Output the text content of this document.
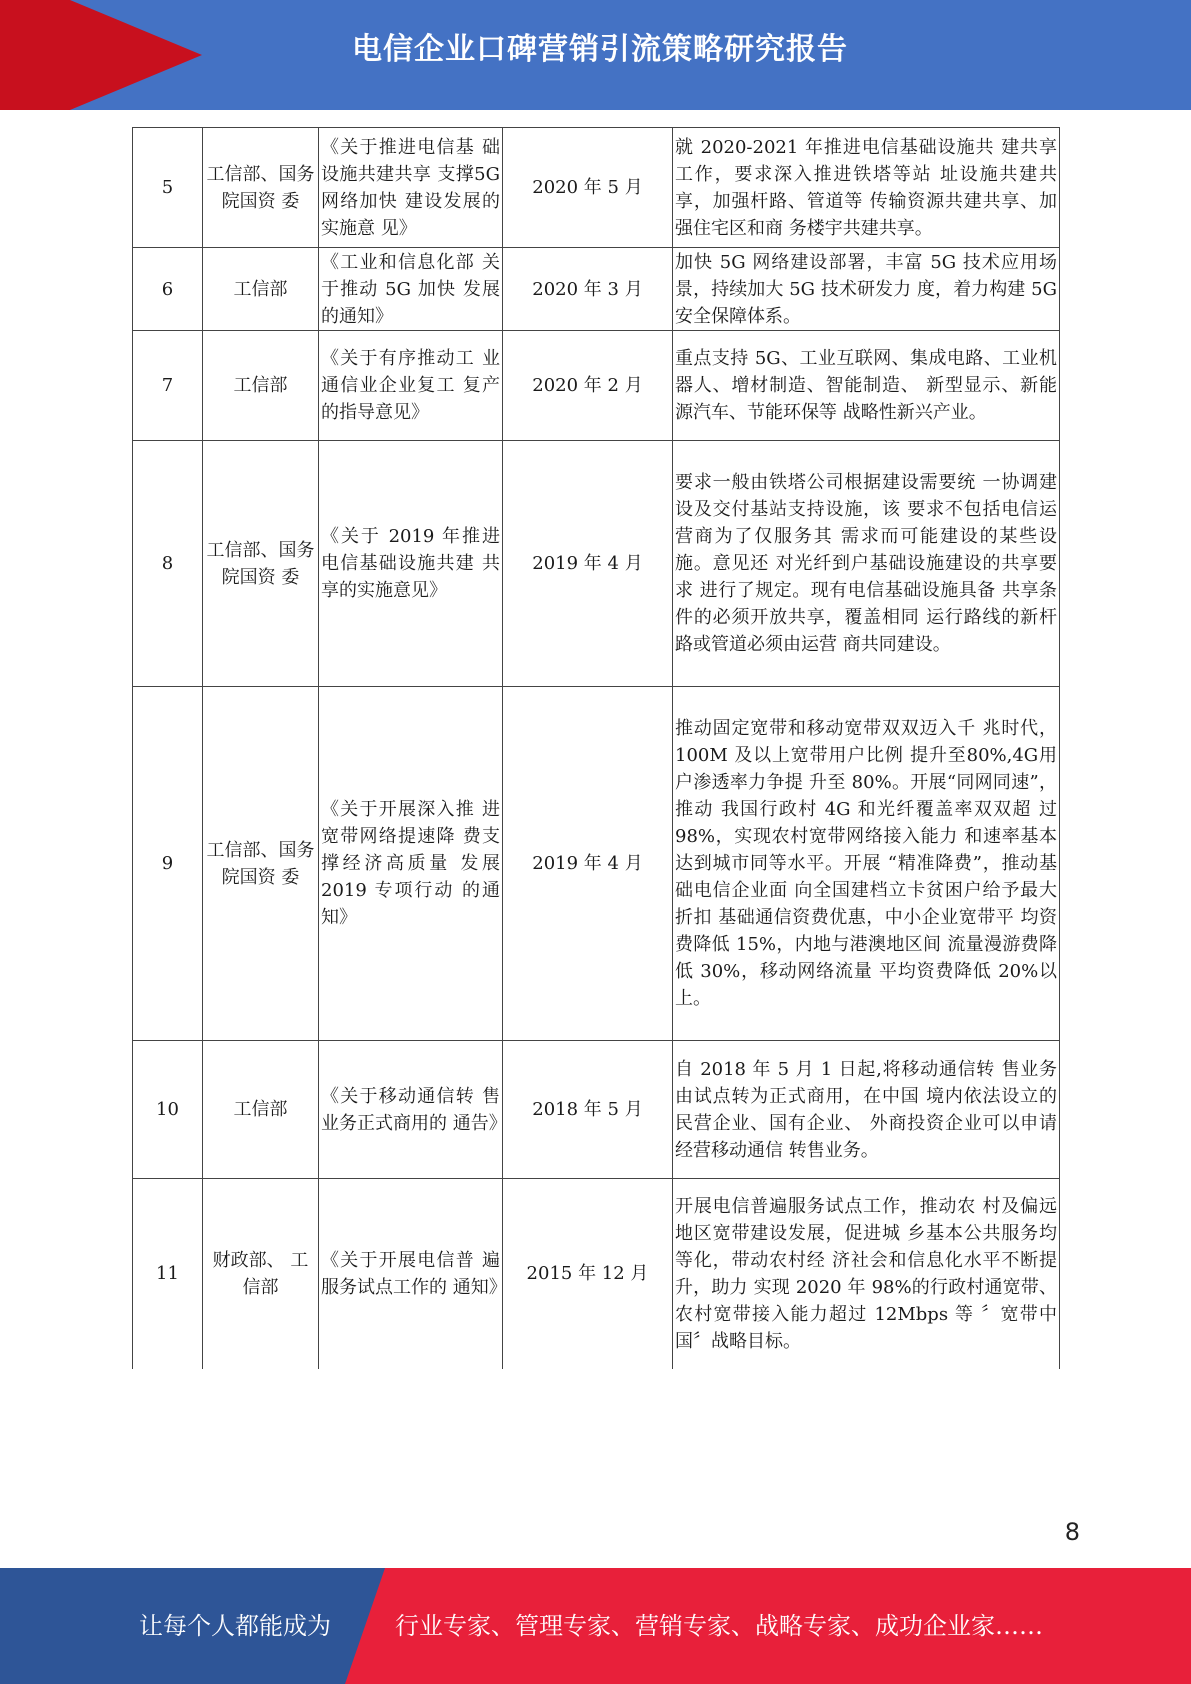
电信企业口碑营销引流策略研究报告
5	工信部、国务院国资 委	《关于推进电信基 础设施共建共享 支撑5G网络加快 建设发展的实施意 见》	2020 年 5 月	就 2020-2021 年推进电信基础设施共 建共享工作，要求深入推进铁塔等站 址设施共建共享，加强杆路、管道等 传输资源共建共享、加强住宅区和商 务楼宇共建共享。
6	工信部	《工业和信息化部 关于推动 5G 加快 发展的通知》	2020 年 3 月	加快 5G 网络建设部署，丰富 5G 技术应用场景，持续加大 5G 技术研发力 度，着力构建 5G 安全保障体系。
7	工信部	《关于有序推动工 业通信业企业复工 复产的指导意见》	2020 年 2 月	重点支持 5G、工业互联网、集成电路、工业机器人、增材制造、智能制造、 新型显示、新能源汽车、节能环保等 战略性新兴产业。
8	工信部、国务院国资 委	《关于 2019 年推进电信基础设施共建 共享的实施意见》	2019 年 4 月	要求一般由铁塔公司根据建设需要统 一协调建设及交付基站支持设施，该 要求不包括电信运营商为了仅服务其 需求而可能建设的某些设施。意见还 对光纤到户基础设施建设的共享要求 进行了规定。现有电信基础设施具备 共享条件的必须开放共享，覆盖相同 运行路线的新杆路或管道必须由运营 商共同建设。
9	工信部、国务院国资 委	《关于开展深入推 进宽带网络提速降 费支撑经济高质量 发展 2019 专项行动 的通知》	2019 年 4 月	推动固定宽带和移动宽带双双迈入千 兆时代，100M 及以上宽带用户比例 提升至80%,4G用户渗透率力争提 升至 80%。开展“同网同速”，推动 我国行政村 4G 和光纤覆盖率双双超 过 98%，实现农村宽带网络接入能力 和速率基本达到城市同等水平。开展 “精准降费”，推动基础电信企业面 向全国建档立卡贫困户给予最大折扣 基础通信资费优惠，中小企业宽带平 均资费降低 15%，内地与港澳地区间 流量漫游费降低 30%，移动网络流量 平均资费降低 20%以上。
10	工信部	《关于移动通信转 售业务正式商用的 通告》	2018 年 5 月	自 2018 年 5 月 1 日起,将移动通信转 售业务由试点转为正式商用，在中国 境内依法设立的民营企业、国有企业、 外商投资企业可以申请经营移动通信 转售业务。
11	财政部、 工信部	《关于开展电信普 遍服务试点工作的 通知》	2015 年 12 月	开展电信普遍服务试点工作，推动农 村及偏远地区宽带建设发展，促进城 乡基本公共服务均等化，带动农村经 济社会和信息化水平不断提升，助力 实现 2020 年 98%的行政村通宽带、 农村宽带接入能力超过 12Mbps 等 〞宽带中国〞战略目标。
8
让每个人都能成为	行业专家、管理专家、营销专家、战略专家、成功企业家……
